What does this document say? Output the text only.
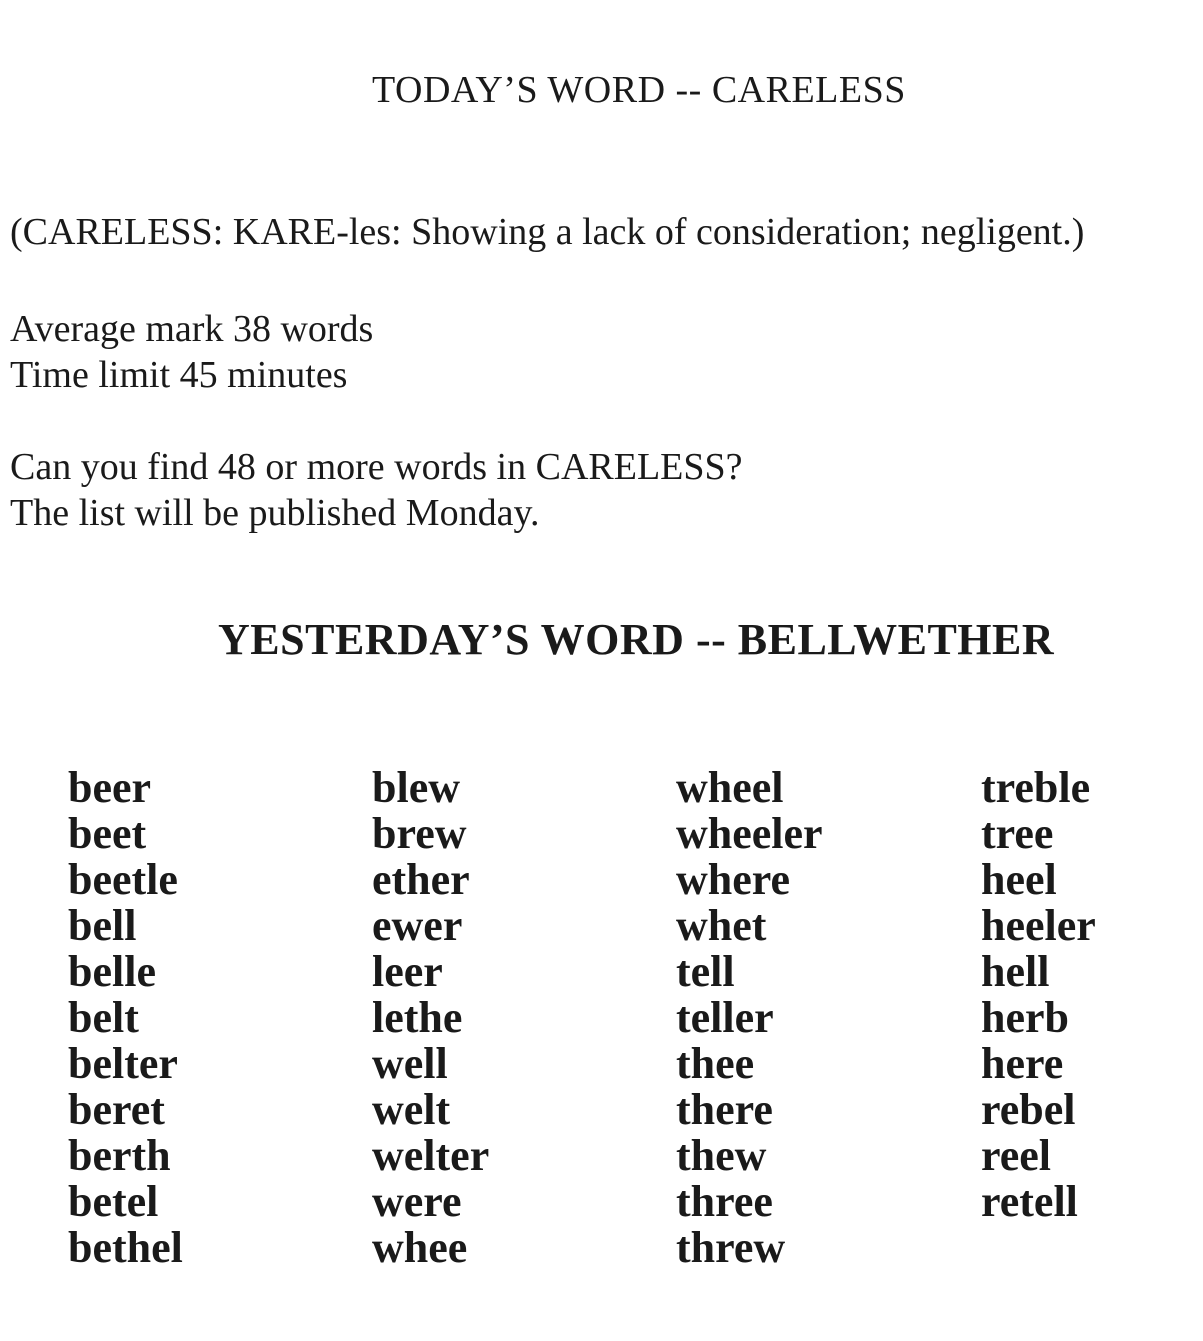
TODAY’S WORD -- CARELESS
(CARELESS: KARE-les: Showing a lack of consideration; negligent.)
Average mark 38 words
Time limit 45 minutes
Can you find 48 or more words in CARELESS?
The list will be published Monday.
YESTERDAY’S WORD -- BELLWETHER
beer
beet
beetle
bell
belle
belt
belter
beret
berth
betel
bethel
blew
brew
ether
ewer
leer
lethe
well
welt
welter
were
whee
wheel
wheeler
where
whet
tell
teller
thee
there
thew
three
threw
treble
tree
heel
heeler
hell
herb
here
rebel
reel
retell
